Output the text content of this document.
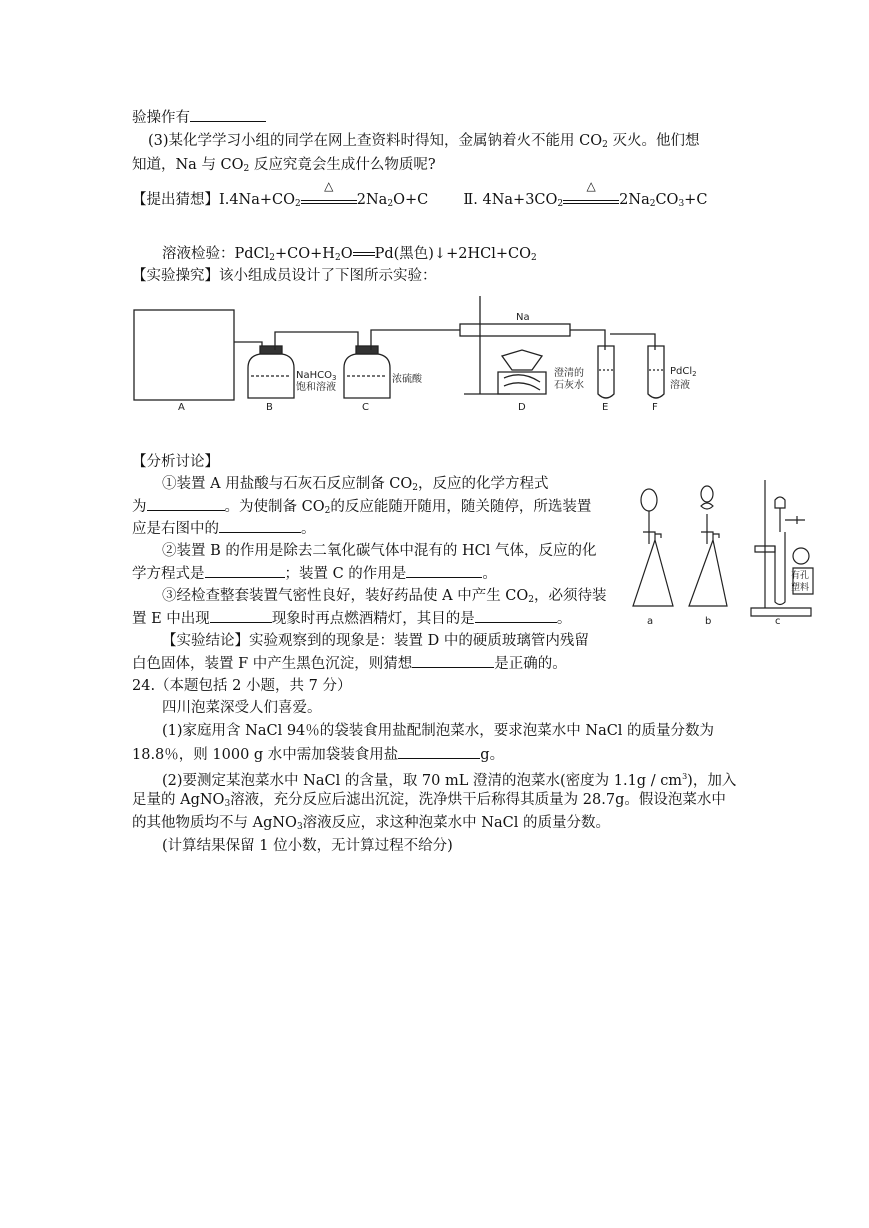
验操作有
(3)某化学学习小组的同学在网上查资料时得知，金属钠着火不能用 $CO_2$ 灭火。他们想
知道，Na 与 $CO_2$ 反应究竟会生成什么物质呢?
【提出猜想】$Ⅰ.4Na+CO_2$
△
$2Na_2O+C$ Ⅱ. $4Na+3CO_2$
△
$2Na_2CO_3+C$
溶液检验：$PdCl_2+CO+H_2O$ Pd(黑色)$↓+2HCl+CO_2$
【实验操究】该小组成员设计了下图所示实验：
A	B
NaHCO$_3$
饱和溶液
C
浓硫酸
Na
D
澄清的
石灰水
E
PdCl$_2$
溶液
F
【分析讨论】
①装置 A 用盐酸与石灰石反应制备 $CO_2$，反应的化学方程式
为	。为使制备 $CO_2$的反应能随开随用，随关随停，所选装置
应是右图中的	。
②装置 B 的作用是除去二氧化碳气体中混有的 HCl 气体，反应的化
学方程式是	；装置 C 的作用是	。
③经检查整套装置气密性良好，装好药品使 A 中产生 $CO_2$，必须待装
置 E 中出现	现象时再点燃酒精灯，其目的是	。
【实验结论】实验观察到的现象是：装置 D 中的硬质玻璃管内残留
白色固体，装置 F 中产生黑色沉淀，则猜想	是正确的。
a	b	c
有孔
塑料
24.（本题包括 2 小题，共 7 分）
四川泡菜深受人们喜爱。
(1)家庭用含 NaCl 94％的袋装食用盐配制泡菜水，要求泡菜水中 NaCl 的质量分数为
18.8％，则 1000 g 水中需加袋装食用盐	g。
(2)要测定某泡菜水中 NaCl 的含量，取 70 mL 澄清的泡菜水(密度为 $1.1g / cm^3$)，加入
足量的 AgNO$_3$溶液，充分反应后滤出沉淀，洗净烘干后称得其质量为 28.7g。假设泡菜水中
的其他物质均不与 AgNO$_3$溶液反应，求这种泡菜水中 NaCl 的质量分数。
(计算结果保留 1 位小数，无计算过程不给分)
